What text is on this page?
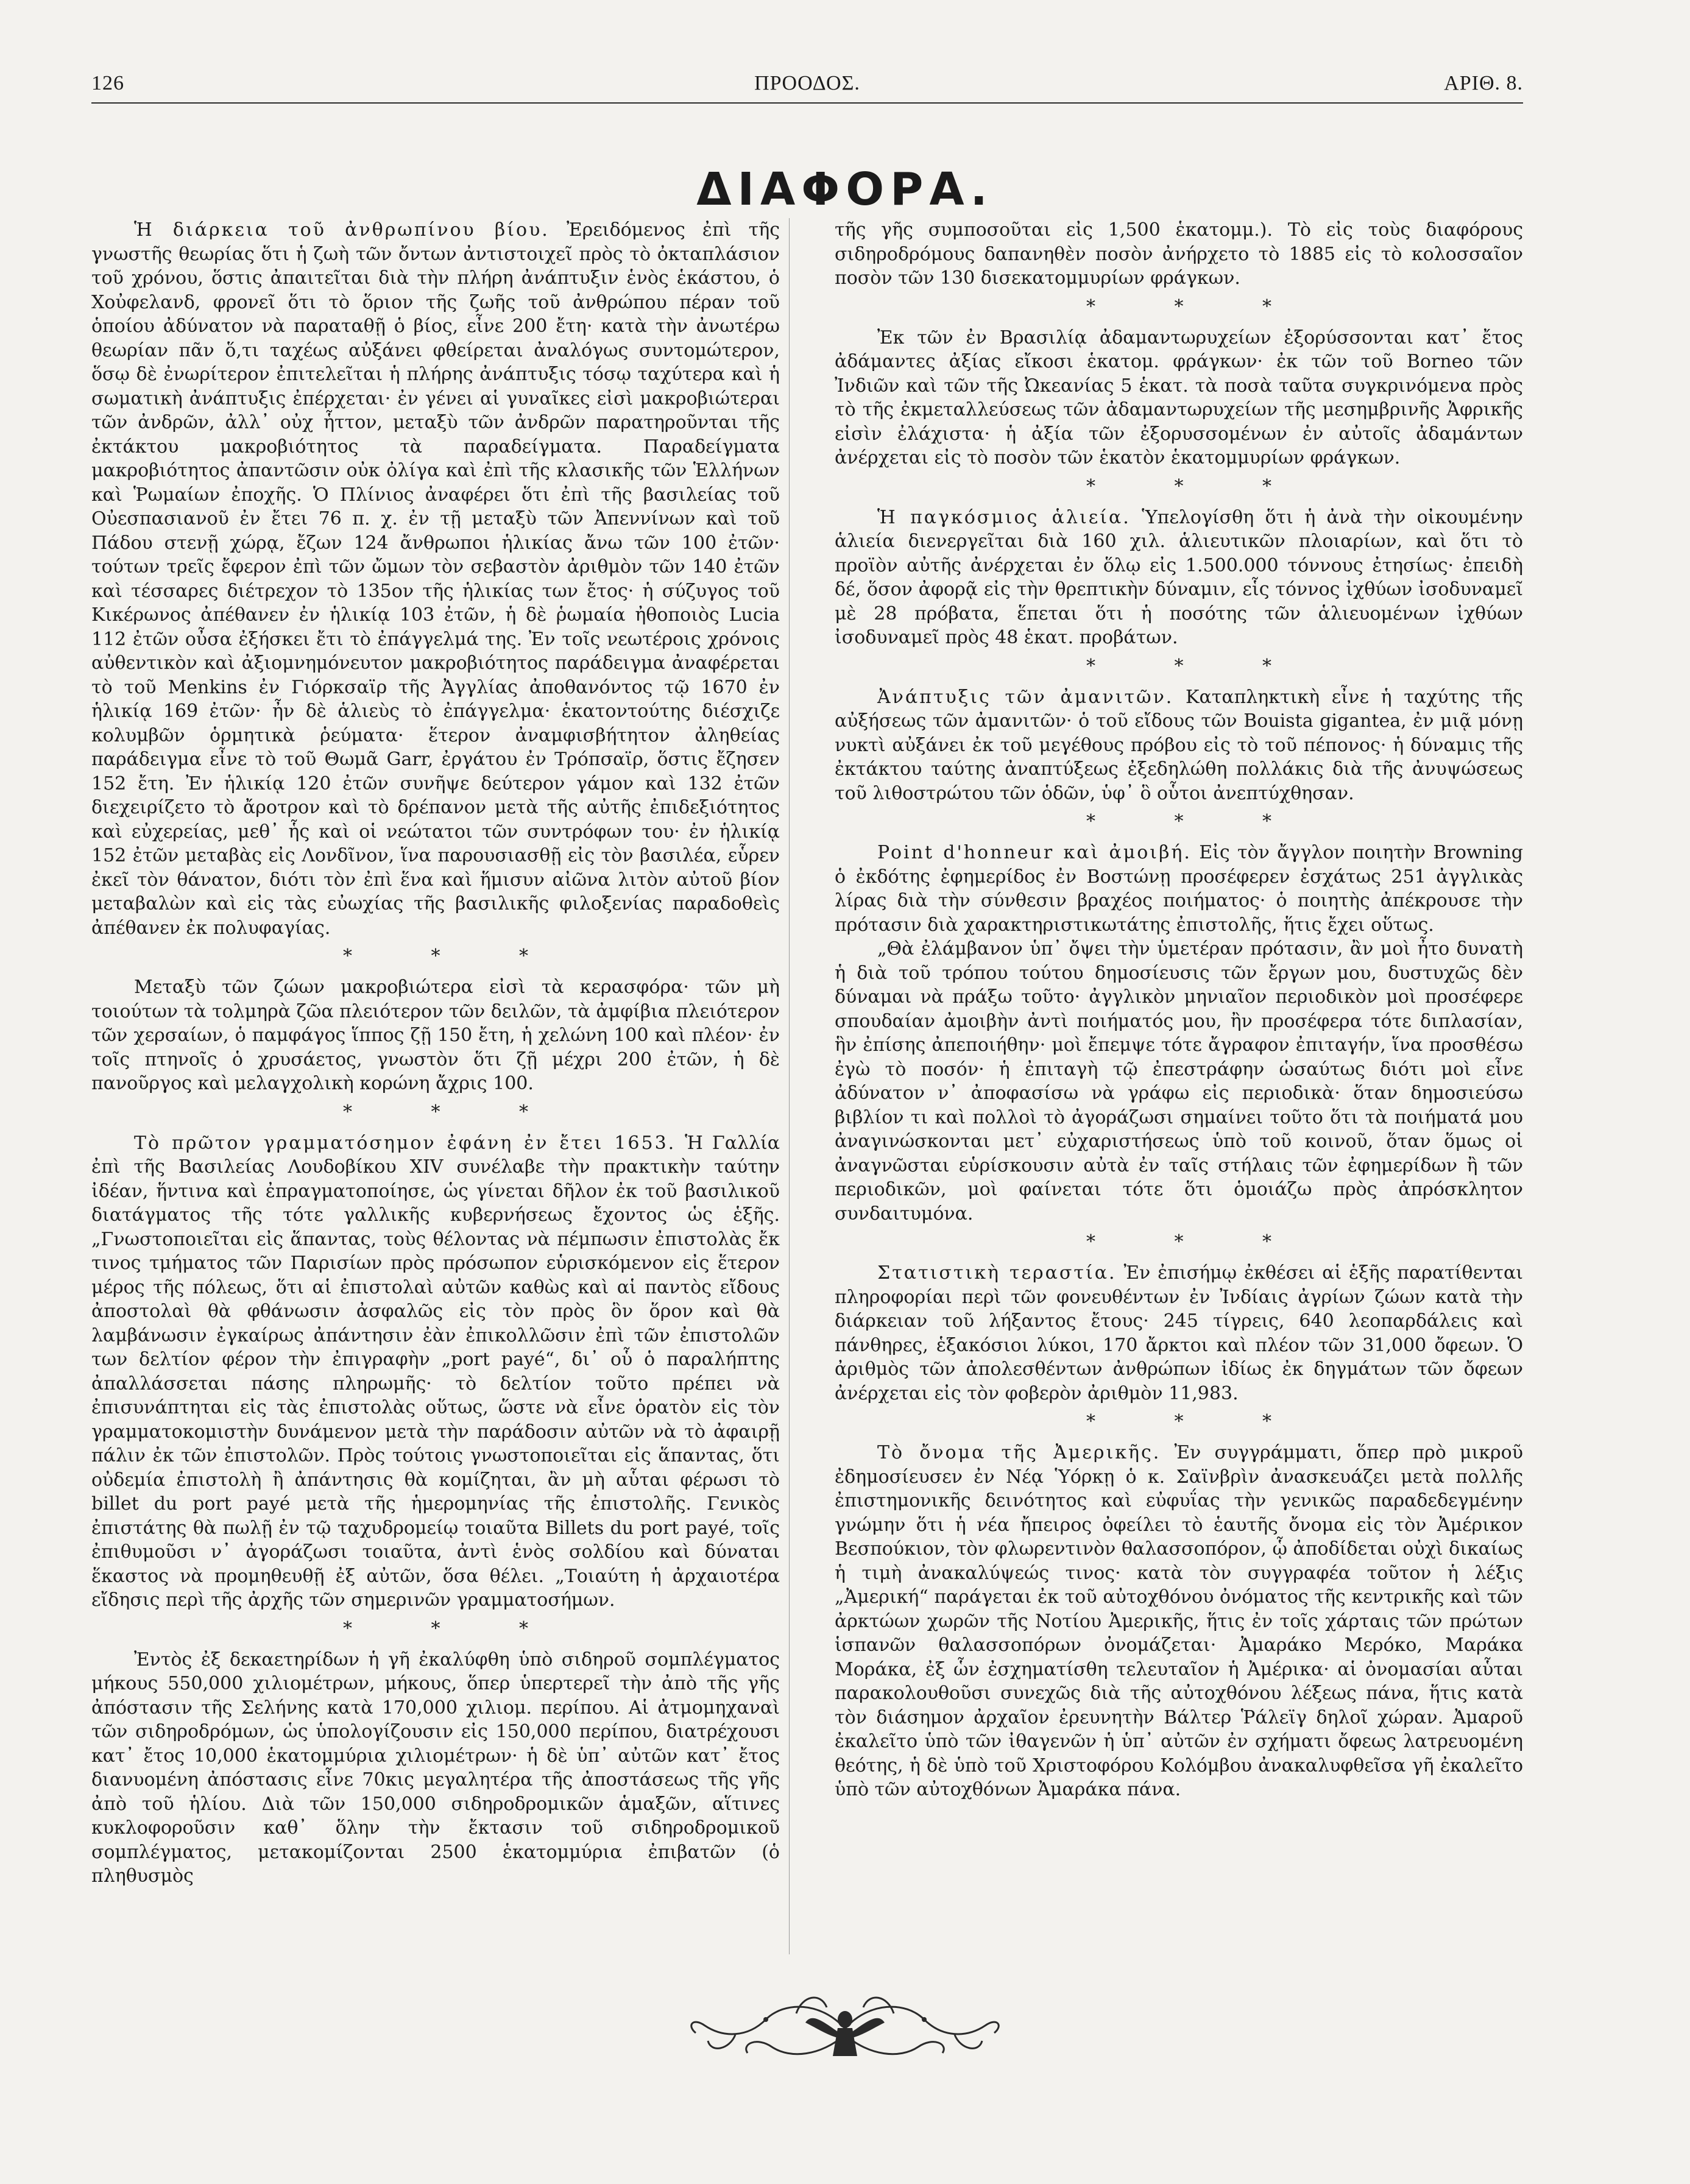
126	ΠΡΟΟΔΟΣ.	ΑΡΙΘ. 8.
ΔΙΑΦΟΡΑ.

Ἡ διάρκεια τοῦ ἀνθρωπίνου βίου. Ἐρειδόμενος ἐπὶ τῆς γνωστῆς θεωρίας ὅτι ἡ ζωὴ τῶν ὄντων ἀντιστοιχεῖ πρὸς τὸ ὀκταπλάσιον τοῦ χρόνου, ὅστις ἀπαιτεῖται διὰ τὴν πλήρη ἀνάπτυξιν ἑνὸς ἑκάστου, ὁ Χοὐφελανδ, φρονεῖ ὅτι τὸ ὅριον τῆς ζωῆς τοῦ ἀνθρώπου πέραν τοῦ ὁποίου ἀδύνατον νὰ παραταθῇ ὁ βίος, εἶνε 200 ἔτη· κατὰ τὴν ἀνωτέρω θεωρίαν πᾶν ὅ,τι ταχέως αὐξάνει φθείρεται ἀναλόγως συντομώτερον, ὅσῳ δὲ ἐνωρίτερον ἐπιτελεῖται ἡ πλήρης ἀνάπτυξις τόσῳ ταχύτερα καὶ ἡ σωματικὴ ἀνάπτυξις ἐπέρχεται· ἐν γένει αἱ γυναῖκες εἰσὶ μακροβιώτεραι τῶν ἀνδρῶν, ἀλλ᾽ οὐχ ἧττον, μεταξὺ τῶν ἀνδρῶν παρατηροῦνται τῆς ἐκτάκτου μακροβιότητος τὰ παραδείγματα. Παραδείγματα μακροβιότητος ἀπαντῶσιν οὐκ ὀλίγα καὶ ἐπὶ τῆς κλασικῆς τῶν Ἑλλήνων καὶ Ῥωμαίων ἐποχῆς. Ὁ Πλίνιος ἀναφέρει ὅτι ἐπὶ τῆς βασιλείας τοῦ Οὐεσπασιανοῦ ἐν ἔτει 76 π. χ. ἐν τῇ μεταξὺ τῶν Ἀπεννίνων καὶ τοῦ Πάδου στενῇ χώρᾳ, ἔζων 124 ἄνθρωποι ἡλικίας ἄνω τῶν 100 ἐτῶν· τούτων τρεῖς ἔφερον ἐπὶ τῶν ὤμων τὸν σεβαστὸν ἀριθμὸν τῶν 140 ἐτῶν καὶ τέσσαρες διέτρεχον τὸ 135ον τῆς ἡλικίας των ἔτος· ἡ σύζυγος τοῦ Κικέρωνος ἀπέθανεν ἐν ἡλικίᾳ 103 ἐτῶν, ἡ δὲ ῥωμαία ἠθοποιὸς Lucia 112 ἐτῶν οὖσα ἐξήσκει ἔτι τὸ ἐπάγγελμά της. Ἐν τοῖς νεωτέροις χρόνοις αὐθεντικὸν καὶ ἀξιομνημόνευτον μακροβιότητος παράδειγμα ἀναφέρεται τὸ τοῦ Menkins ἐν Γιόρκσαϊρ τῆς Ἀγγλίας ἀποθανόντος τῷ 1670 ἐν ἡλικίᾳ 169 ἐτῶν· ἦν δὲ ἁλιεὺς τὸ ἐπάγγελμα· ἑκατοντούτης διέσχιζε κολυμβῶν ὁρμητικὰ ῥεύματα· ἕτερον ἀναμφισβήτητον ἀληθείας παράδειγμα εἶνε τὸ τοῦ Θωμᾶ Garr, ἐργάτου ἐν Τρόπσαϊρ, ὅστις ἔζησεν 152 ἔτη. Ἐν ἡλικίᾳ 120 ἐτῶν συνῆψε δεύτερον γάμον καὶ 132 ἐτῶν διεχειρίζετο τὸ ἄροτρον καὶ τὸ δρέπανον μετὰ τῆς αὐτῆς ἐπιδεξιότητος καὶ εὐχερείας, μεθ᾽ ἧς καὶ οἱ νεώτατοι τῶν συντρόφων του· ἐν ἡλικίᾳ 152 ἐτῶν μεταβὰς εἰς Λονδῖνον, ἵνα παρουσιασθῇ εἰς τὸν βασιλέα, εὗρεν ἐκεῖ τὸν θάνατον, διότι τὸν ἐπὶ ἕνα καὶ ἥμισυν αἰῶνα λιτὸν αὐτοῦ βίον μεταβαλὼν καὶ εἰς τὰς εὐωχίας τῆς βασιλικῆς φιλοξενίας παραδοθεὶς ἀπέθανεν ἐκ πολυφαγίας.

* * *

Μεταξὺ τῶν ζώων μακροβιώτερα εἰσὶ τὰ κερασφόρα· τῶν μὴ τοιούτων τὰ τολμηρὰ ζῶα πλειότερον τῶν δειλῶν, τὰ ἀμφίβια πλειότερον τῶν χερσαίων, ὁ παμφάγος ἵππος ζῇ 150 ἔτη, ἡ χελώνη 100 καὶ πλέον· ἐν τοῖς πτηνοῖς ὁ χρυσάετος, γνωστὸν ὅτι ζῇ μέχρι 200 ἐτῶν, ἡ δὲ πανοῦργος καὶ μελαγχολικὴ κορώνη ἄχρις 100.

* * *

Τὸ πρῶτον γραμματόσημον ἐφάνη ἐν ἔτει 1653. Ἡ Γαλλία ἐπὶ τῆς Βασιλείας Λουδοβίκου XIV συνέλαβε τὴν πρακτικὴν ταύτην ἰδέαν, ἥντινα καὶ ἐπραγματοποίησε, ὡς γίνεται δῆλον ἐκ τοῦ βασιλικοῦ διατάγματος τῆς τότε γαλλικῆς κυβερνήσεως ἔχοντος ὡς ἑξῆς. „Γνωστοποιεῖται εἰς ἅπαντας, τοὺς θέλοντας νὰ πέμπωσιν ἐπιστολὰς ἔκ τινος τμήματος τῶν Παρισίων πρὸς πρόσωπον εὑρισκόμενον εἰς ἕτερον μέρος τῆς πόλεως, ὅτι αἱ ἐπιστολαὶ αὐτῶν καθὼς καὶ αἱ παντὸς εἴδους ἀποστολαὶ θὰ φθάνωσιν ἀσφαλῶς εἰς τὸν πρὸς ὃν ὅρον καὶ θὰ λαμβάνωσιν ἐγκαίρως ἀπάντησιν ἐὰν ἐπικολλῶσιν ἐπὶ τῶν ἐπιστολῶν των δελτίον φέρον τὴν ἐπιγραφὴν „port payé“, δι᾽ οὗ ὁ παραλήπτης ἀπαλλάσσεται πάσης πληρωμῆς· τὸ δελτίον τοῦτο πρέπει νὰ ἐπισυνάπτηται εἰς τὰς ἐπιστολὰς οὕτως, ὥστε νὰ εἶνε ὁρατὸν εἰς τὸν γραμματοκομιστὴν δυνάμενον μετὰ τὴν παράδοσιν αὐτῶν νὰ τὸ ἀφαιρῇ πάλιν ἐκ τῶν ἐπιστολῶν. Πρὸς τούτοις γνωστοποιεῖται εἰς ἅπαντας, ὅτι οὐδεμία ἐπιστολὴ ἢ ἀπάντησις θὰ κομίζηται, ἂν μὴ αὗται φέρωσι τὸ billet du port payé μετὰ τῆς ἡμερομηνίας τῆς ἐπιστολῆς. Γενικὸς ἐπιστάτης θὰ πωλῇ ἐν τῷ ταχυδρομείῳ τοιαῦτα Billets du port payé, τοῖς ἐπιθυμοῦσι ν᾽ ἀγοράζωσι τοιαῦτα, ἀντὶ ἑνὸς σολδίου καὶ δύναται ἕκαστος νὰ προμηθευθῇ ἐξ αὐτῶν, ὅσα θέλει. „Τοιαύτη ἡ ἀρχαιοτέρα εἴδησις περὶ τῆς ἀρχῆς τῶν σημερινῶν γραμματοσήμων.

* * *

Ἐντὸς ἐξ δεκαετηρίδων ἡ γῆ ἐκαλύφθη ὑπὸ σιδηροῦ σομπλέγματος μήκους 550,000 χιλιομέτρων, μήκους, ὅπερ ὑπερτερεῖ τὴν ἀπὸ τῆς γῆς ἀπόστασιν τῆς Σελήνης κατὰ 170,000 χιλιομ. περίπου. Αἱ ἀτμομηχαναὶ τῶν σιδηροδρόμων, ὡς ὑπολογίζουσιν εἰς 150,000 περίπου, διατρέχουσι κατ᾽ ἔτος 10,000 ἑκατομμύρια χιλιομέτρων· ἡ δὲ ὑπ᾽ αὐτῶν κατ᾽ ἔτος διανυομένη ἀπόστασις εἶνε 70κις μεγαλητέρα τῆς ἀποστάσεως τῆς γῆς ἀπὸ τοῦ ἡλίου. Διὰ τῶν 150,000 σιδηροδρομικῶν ἁμαξῶν, αἵτινες κυκλοφοροῦσιν καθ᾽ ὅλην τὴν ἔκτασιν τοῦ σιδηροδρομικοῦ σομπλέγματος, μετακομίζονται 2500 ἑκατομμύρια ἐπιβατῶν (ὁ πληθυσμὸς

τῆς γῆς συμποσοῦται εἰς 1,500 ἑκατομμ.). Τὸ εἰς τοὺς διαφόρους σιδηροδρόμους δαπανηθὲν ποσὸν ἀνήρχετο τὸ 1885 εἰς τὸ κολοσσαῖον ποσὸν τῶν 130 δισεκατομμυρίων φράγκων.

* * *

Ἐκ τῶν ἐν Βρασιλίᾳ ἀδαμαντωρυχείων ἐξορύσσονται κατ᾽ ἔτος ἀδάμαντες ἀξίας εἴκοσι ἑκατομ. φράγκων· ἐκ τῶν τοῦ Borneo τῶν Ἰνδιῶν καὶ τῶν τῆς Ὠκεανίας 5 ἑκατ. τὰ ποσὰ ταῦτα συγκρινόμενα πρὸς τὸ τῆς ἐκμεταλλεύσεως τῶν ἀδαμαντωρυχείων τῆς μεσημβρινῆς Ἀφρικῆς εἰσὶν ἐλάχιστα· ἡ ἀξία τῶν ἐξορυσσομένων ἐν αὐτοῖς ἀδαμάντων ἀνέρχεται εἰς τὸ ποσὸν τῶν ἑκατὸν ἑκατομμυρίων φράγκων.

* * *

Ἡ παγκόσμιος ἁλιεία. Ὑπελογίσθη ὅτι ἡ ἀνὰ τὴν οἰκουμένην ἁλιεία διενεργεῖται διὰ 160 χιλ. ἁλιευτικῶν πλοιαρίων, καὶ ὅτι τὸ προϊὸν αὐτῆς ἀνέρχεται ἐν ὅλῳ εἰς 1.500.000 τόννους ἐτησίως· ἐπειδὴ δέ, ὅσον ἀφορᾷ εἰς τὴν θρεπτικὴν δύναμιν, εἷς τόννος ἰχθύων ἰσοδυναμεῖ μὲ 28 πρόβατα, ἕπεται ὅτι ἡ ποσότης τῶν ἁλιευομένων ἰχθύων ἰσοδυναμεῖ πρὸς 48 ἑκατ. προβάτων.

* * *

Ἀνάπτυξις τῶν ἀμανιτῶν. Καταπληκτικὴ εἶνε ἡ ταχύτης τῆς αὐξήσεως τῶν ἀμανιτῶν· ὁ τοῦ εἴδους τῶν Bouista gigantea, ἐν μιᾷ μόνῃ νυκτὶ αὐξάνει ἐκ τοῦ μεγέθους πρόβου εἰς τὸ τοῦ πέπονος· ἡ δύναμις τῆς ἐκτάκτου ταύτης ἀναπτύξεως ἐξεδηλώθη πολλάκις διὰ τῆς ἀνυψώσεως τοῦ λιθοστρώτου τῶν ὁδῶν, ὑφ᾽ ὃ οὗτοι ἀνεπτύχθησαν.

* * *

Point d'honneur καὶ ἀμοιβή. Εἰς τὸν ἄγγλον ποιητὴν Browning ὁ ἐκδότης ἐφημερίδος ἐν Βοστώνῃ προσέφερεν ἐσχάτως 251 ἀγγλικὰς λίρας διὰ τὴν σύνθεσιν βραχέος ποιήματος· ὁ ποιητὴς ἀπέκρουσε τὴν πρότασιν διὰ χαρακτηριστικωτάτης ἐπιστολῆς, ἥτις ἔχει οὕτως.

„Θὰ ἐλάμβανον ὑπ᾽ ὄψει τὴν ὑμετέραν πρότασιν, ἂν μοὶ ἦτο δυνατὴ ἡ διὰ τοῦ τρόπου τούτου δημοσίευσις τῶν ἔργων μου, δυστυχῶς δὲν δύναμαι νὰ πράξω τοῦτο· ἀγγλικὸν μηνιαῖον περιοδικὸν μοὶ προσέφερε σπουδαίαν ἀμοιβὴν ἀντὶ ποιήματός μου, ἢν προσέφερα τότε διπλασίαν, ἣν ἐπίσης ἀπεποιήθην· μοὶ ἔπεμψε τότε ἄγραφον ἐπιταγήν, ἵνα προσθέσω ἐγὼ τὸ ποσόν· ἡ ἐπιταγὴ τῷ ἐπεστράφην ὡσαύτως διότι μοὶ εἶνε ἀδύνατον ν᾽ ἀποφασίσω νὰ γράφω εἰς περιοδικὰ· ὅταν δημοσιεύσω βιβλίον τι καὶ πολλοὶ τὸ ἀγοράζωσι σημαίνει τοῦτο ὅτι τὰ ποιήματά μου ἀναγινώσκονται μετ᾽ εὐχαριστήσεως ὑπὸ τοῦ κοινοῦ, ὅταν ὅμως οἱ ἀναγνῶσται εὑρίσκουσιν αὐτὰ ἐν ταῖς στήλαις τῶν ἐφημερίδων ἢ τῶν περιοδικῶν, μοὶ φαίνεται τότε ὅτι ὁμοιάζω πρὸς ἀπρόσκλητον συνδαιτυμόνα.

* * *

Στατιστικὴ τεραστία. Ἐν ἐπισήμῳ ἐκθέσει αἱ ἑξῆς παρατίθενται πληροφορίαι περὶ τῶν φονευθέντων ἐν Ἰνδίαις ἀγρίων ζώων κατὰ τὴν διάρκειαν τοῦ λήξαντος ἔτους· 245 τίγρεις, 640 λεοπαρδάλεις καὶ πάνθηρες, ἑξακόσιοι λύκοι, 170 ἄρκτοι καὶ πλέον τῶν 31,000 ὄφεων. Ὁ ἀριθμὸς τῶν ἀπολεσθέντων ἀνθρώπων ἰδίως ἐκ δηγμάτων τῶν ὄφεων ἀνέρχεται εἰς τὸν φοβερὸν ἀριθμὸν 11,983.

* * *

Τὸ ὄνομα τῆς Ἀμερικῆς. Ἐν συγγράμματι, ὅπερ πρὸ μικροῦ ἐδημοσίευσεν ἐν Νέᾳ Ὑόρκῃ ὁ κ. Σαϊνβρὶν ἀνασκευάζει μετὰ πολλῆς ἐπιστημονικῆς δεινότητος καὶ εὐφυΐας τὴν γενικῶς παραδεδεγμένην γνώμην ὅτι ἡ νέα ἤπειρος ὀφείλει τὸ ἑαυτῆς ὄνομα εἰς τὸν Ἀμέρικον Βεσπούκιον, τὸν φλωρεντινὸν θαλασσοπόρον, ᾧ ἀποδίδεται οὐχὶ δικαίως ἡ τιμὴ ἀνακαλύψεώς τινος· κατὰ τὸν συγγραφέα τοῦτον ἡ λέξις „Ἀμερική“ παράγεται ἐκ τοῦ αὐτοχθόνου ὀνόματος τῆς κεντρικῆς καὶ τῶν ἀρκτώων χωρῶν τῆς Νοτίου Ἀμερικῆς, ἥτις ἐν τοῖς χάρταις τῶν πρώτων ἱσπανῶν θαλασσοπόρων ὀνομάζεται· Ἀμαράκο Μερόκο, Μαράκα Μοράκα, ἐξ ὧν ἐσχηματίσθη τελευταῖον ἡ Ἀμέρικα· αἱ ὀνομασίαι αὗται παρακολουθοῦσι συνεχῶς διὰ τῆς αὐτοχθόνου λέξεως πάνα, ἥτις κατὰ τὸν διάσημον ἀρχαῖον ἐρευνητὴν Βάλτερ Ῥάλεϊγ δηλοῖ χώραν. Ἀμαροῦ ἐκαλεῖτο ὑπὸ τῶν ἰθαγενῶν ἡ ὑπ᾽ αὐτῶν ἐν σχήματι ὄφεως λατρευομένη θεότης, ἡ δὲ ὑπὸ τοῦ Χριστοφόρου Κολόμβου ἀνακαλυφθεῖσα γῆ ἐκαλεῖτο ὑπὸ τῶν αὐτοχθόνων Ἀμαράκα πάνα.
